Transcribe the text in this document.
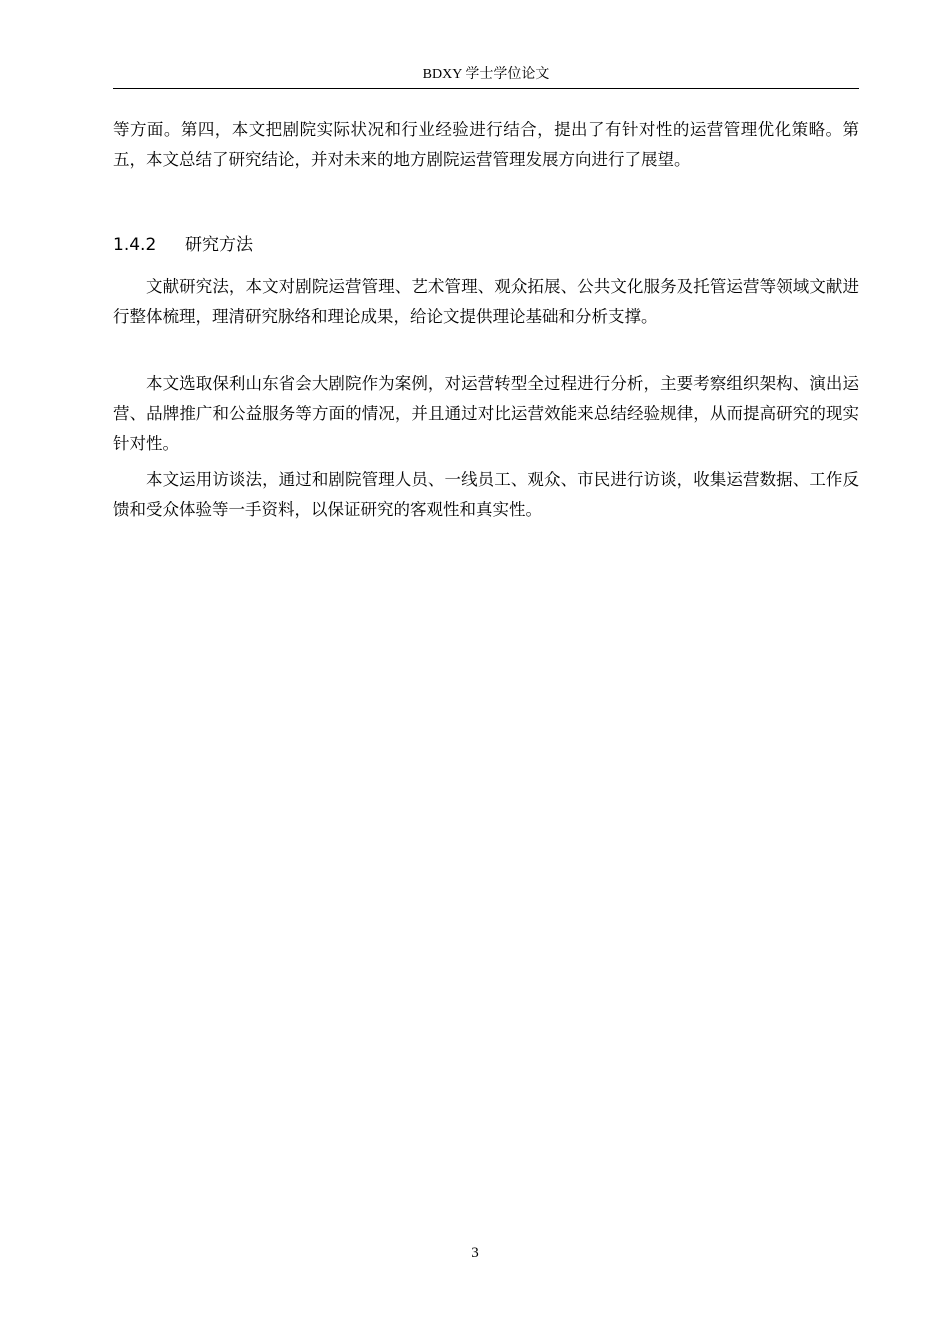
BDXY 学士学位论文

等方面。第四，本文把剧院实际状况和行业经验进行结合，提出了有针对性的运营管理优化策略。第五，本文总结了研究结论，并对未来的地方剧院运营管理发展方向进行了展望。

1.4.2 研究方法

文献研究法，本文对剧院运营管理、艺术管理、观众拓展、公共文化服务及托管运营等领域文献进行整体梳理，理清研究脉络和理论成果，给论文提供理论基础和分析支撑。

本文选取保利山东省会大剧院作为案例，对运营转型全过程进行分析，主要考察组织架构、演出运营、品牌推广和公益服务等方面的情况，并且通过对比运营效能来总结经验规律，从而提高研究的现实针对性。

本文运用访谈法，通过和剧院管理人员、一线员工、观众、市民进行访谈，收集运营数据、工作反馈和受众体验等一手资料，以保证研究的客观性和真实性。

3
